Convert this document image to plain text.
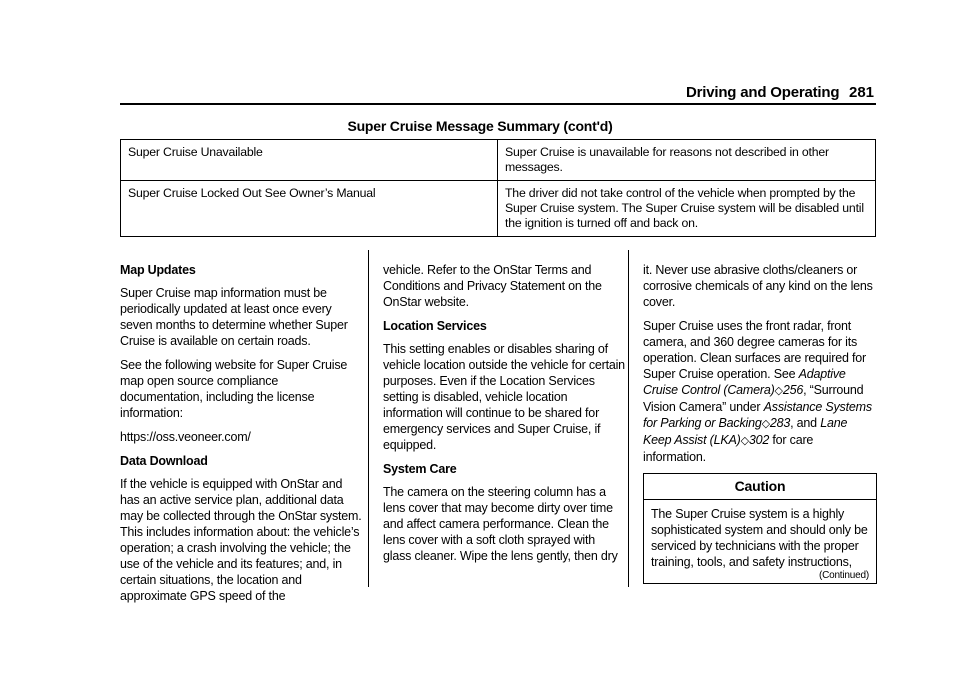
Driving and Operating 281
Super Cruise Message Summary (cont'd)
Super Cruise Unavailable	Super Cruise is unavailable for reasons not described in other messages.
Super Cruise Locked Out See Owner’s Manual	The driver did not take control of the vehicle when prompted by the Super Cruise system. The Super Cruise system will be disabled until the ignition is turned off and back on.

Map Updates

Super Cruise map information must be periodically updated at least once every seven months to determine whether Super Cruise is available on certain roads.

See the following website for Super Cruise map open source compliance documentation, including the license information:

https://oss.veoneer.com/

Data Download

If the vehicle is equipped with OnStar and has an active service plan, additional data may be collected through the OnStar system. This includes information about: the vehicle’s operation; a crash involving the vehicle; the use of the vehicle and its features; and, in certain situations, the location and approximate GPS speed of the

vehicle. Refer to the OnStar Terms and Conditions and Privacy Statement on the OnStar website.

Location Services

This setting enables or disables sharing of vehicle location outside the vehicle for certain purposes. Even if the Location Services setting is disabled, vehicle location information will continue to be shared for emergency services and Super Cruise, if equipped.

System Care

The camera on the steering column has a lens cover that may become dirty over time and affect camera performance. Clean the lens cover with a soft cloth sprayed with glass cleaner. Wipe the lens gently, then dry

it. Never use abrasive cloths/cleaners or corrosive chemicals of any kind on the lens cover.

Super Cruise uses the front radar, front camera, and 360 degree cameras for its operation. Clean surfaces are required for Super Cruise operation. See Adaptive Cruise Control (Camera)◇256, “Surround Vision Camera” under Assistance Systems for Parking or Backing◇283, and Lane Keep Assist (LKA)◇302 for care information.

Caution

The Super Cruise system is a highly sophisticated system and should only be serviced by technicians with the proper training, tools, and safety instructions,

(Continued)
